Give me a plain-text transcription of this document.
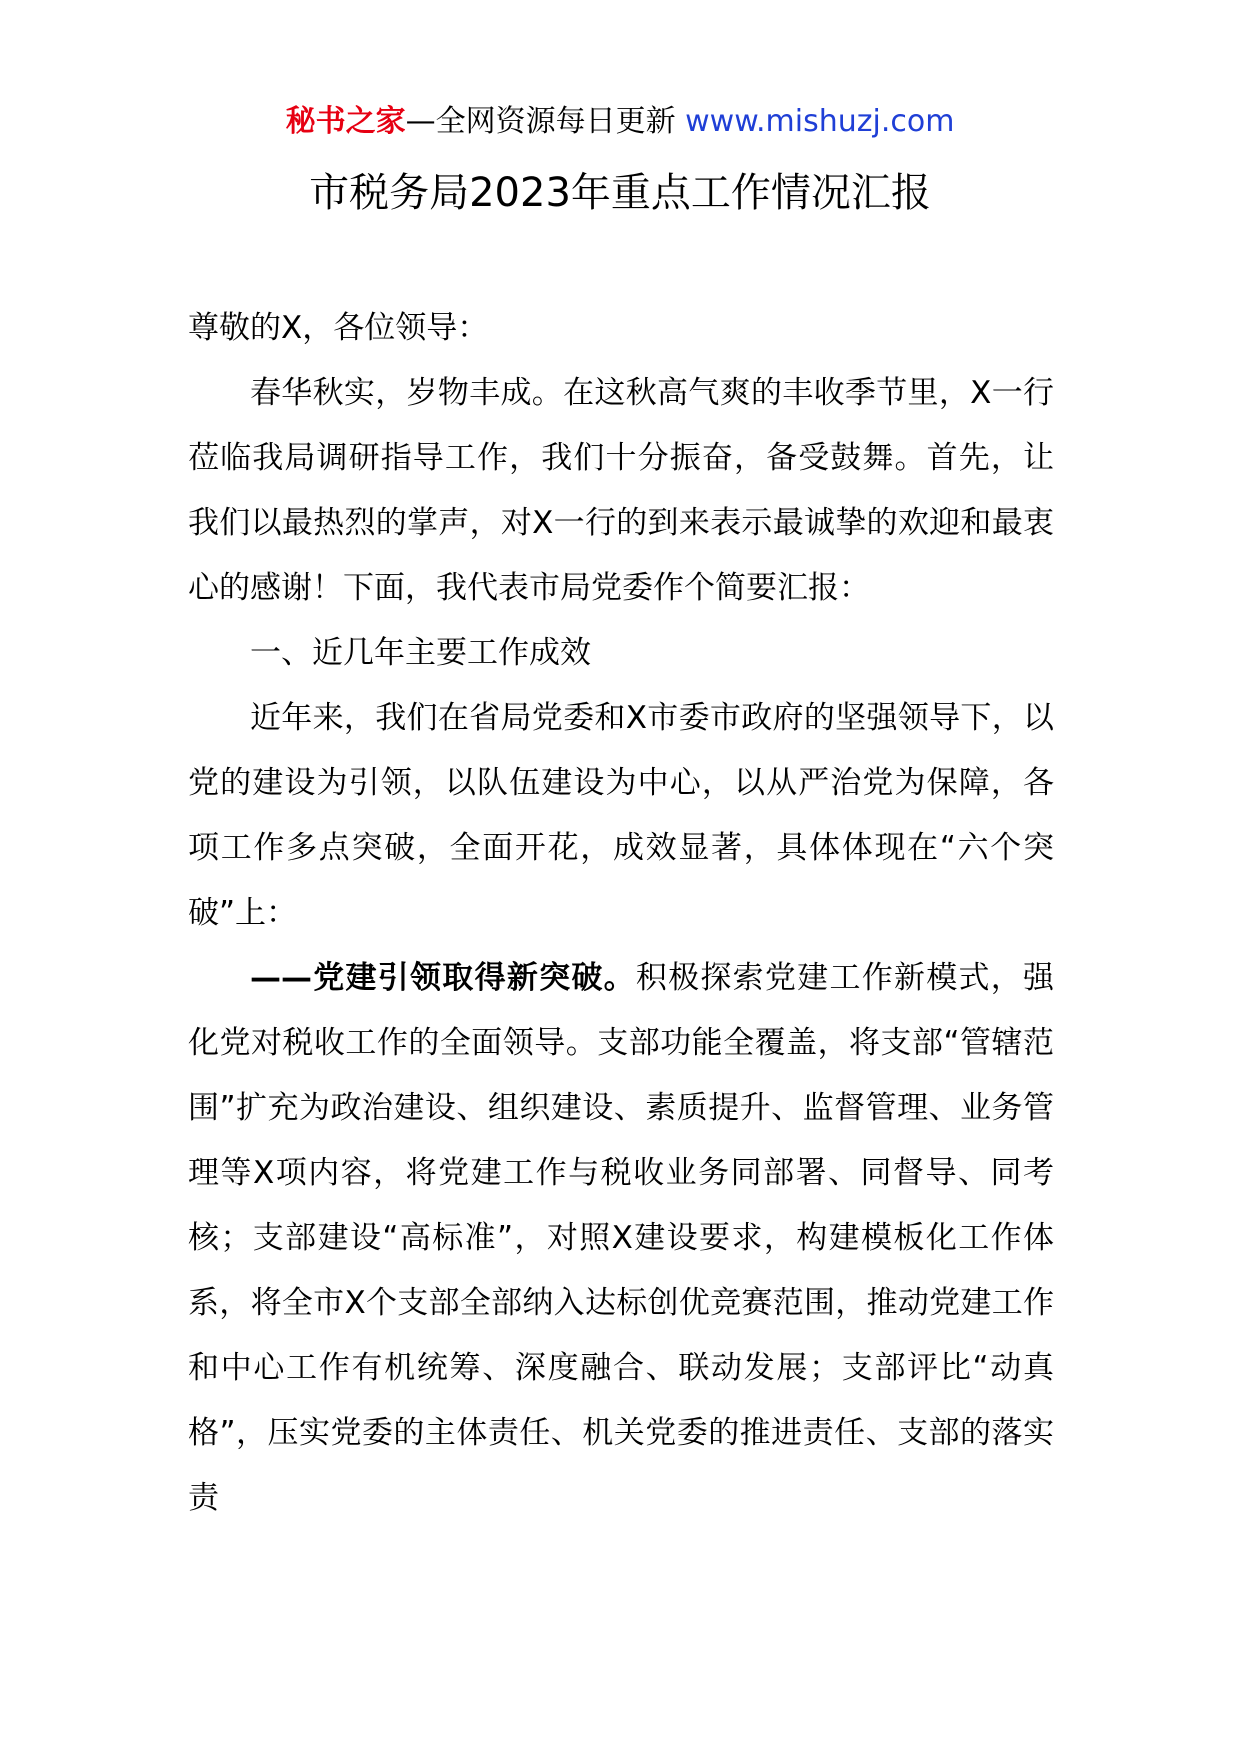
秘书之家—全网资源每日更新 www.mishuzj.com
市税务局2023年重点工作情况汇报

尊敬的X，各位领导：

春华秋实，岁物丰成。在这秋高气爽的丰收季节里，X一行莅临我局调研指导工作，我们十分振奋，备受鼓舞。首先，让我们以最热烈的掌声，对X一行的到来表示最诚挚的欢迎和最衷心的感谢！下面，我代表市局党委作个简要汇报：

一、近几年主要工作成效

近年来，我们在省局党委和X市委市政府的坚强领导下，以党的建设为引领，以队伍建设为中心，以从严治党为保障，各项工作多点突破，全面开花，成效显著，具体体现在“六个突破”上：

——党建引领取得新突破。积极探索党建工作新模式，强化党对税收工作的全面领导。支部功能全覆盖，将支部“管辖范围”扩充为政治建设、组织建设、素质提升、监督管理、业务管理等X项内容，将党建工作与税收业务同部署、同督导、同考核；支部建设“高标准”，对照X建设要求，构建模板化工作体系，将全市X个支部全部纳入达标创优竞赛范围，推动党建工作和中心工作有机统筹、深度融合、联动发展；支部评比“动真格”，压实党委的主体责任、机关党委的推进责任、支部的落实责
